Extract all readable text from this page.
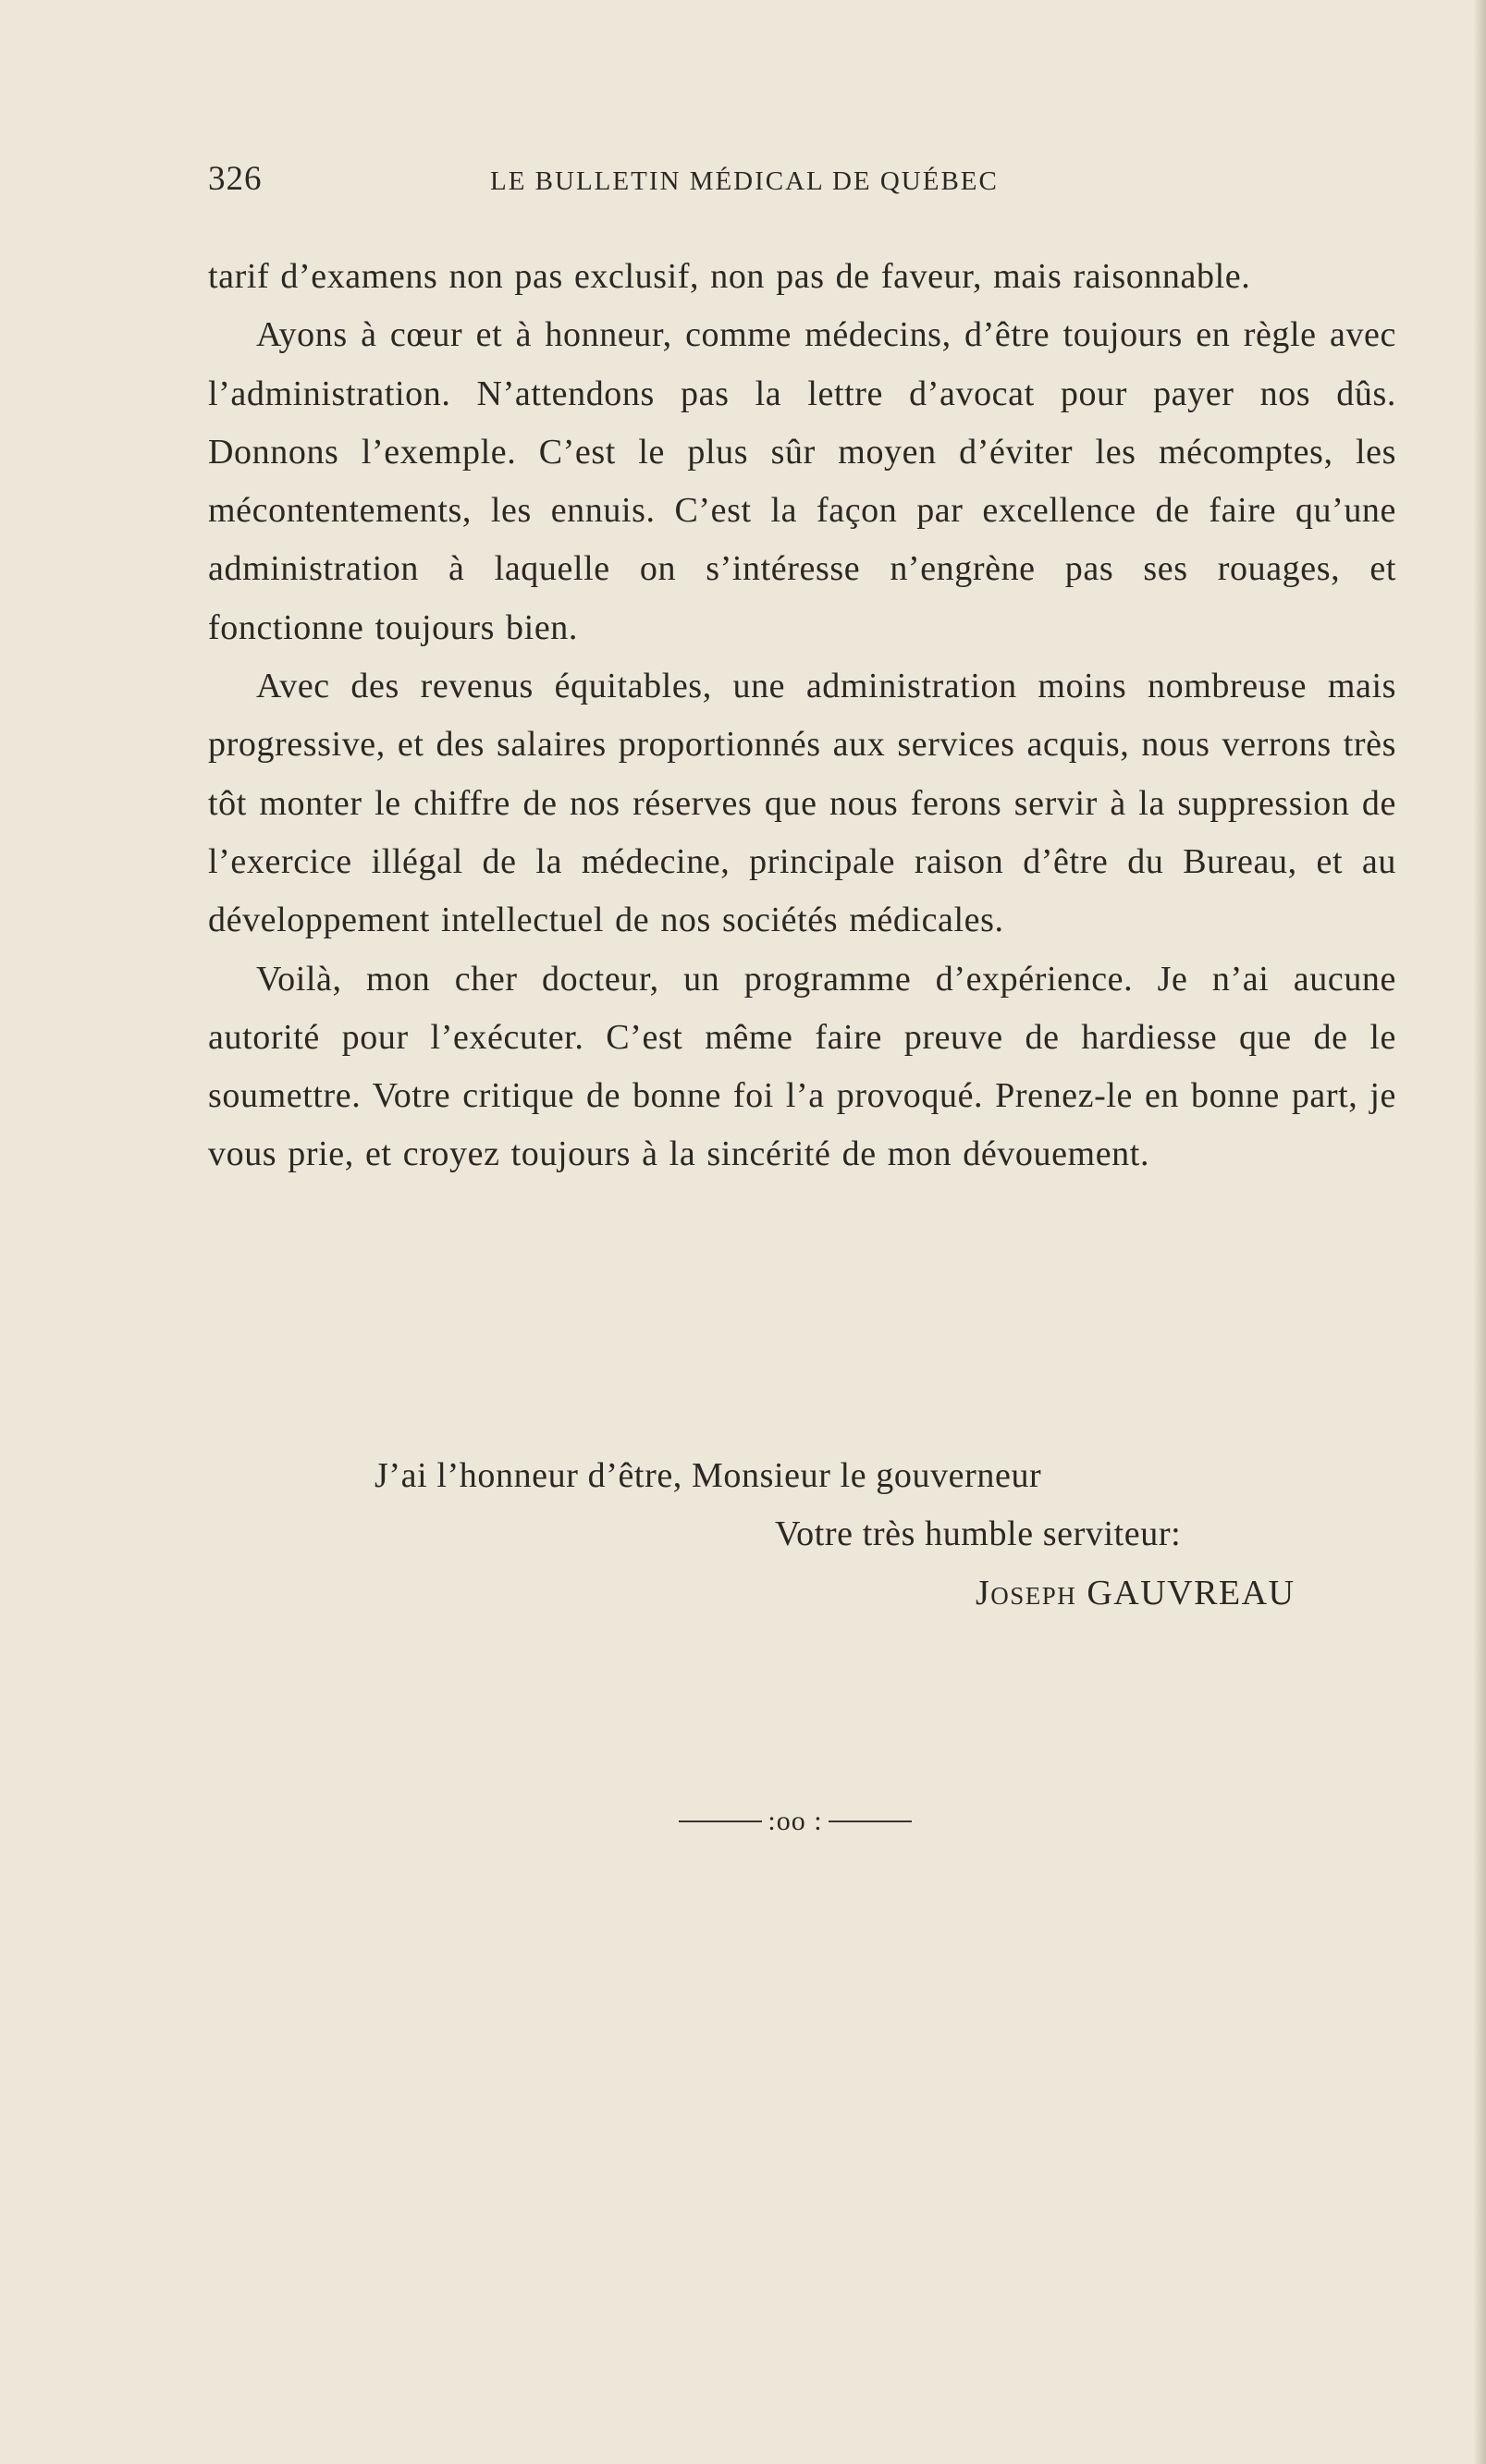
326	LE BULLETIN MÉDICAL DE QUÉBEC

tarif d’examens non pas exclusif, non pas de faveur, mais raisonnable.

Ayons à cœur et à honneur, comme médecins, d’être toujours en règle avec l’administration. N’attendons pas la lettre d’avocat pour payer nos dûs. Donnons l’exemple. C’est le plus sûr moyen d’éviter les mécomptes, les mécontentements, les ennuis. C’est la façon par excellence de faire qu’une administration à laquelle on s’intéresse n’engrène pas ses rouages, et fonctionne toujours bien.

Avec des revenus équitables, une administration moins nombreuse mais progressive, et des salaires proportionnés aux services acquis, nous verrons très tôt monter le chiffre de nos réserves que nous ferons servir à la suppression de l’exercice illégal de la médecine, principale raison d’être du Bureau, et au développement intellectuel de nos sociétés médicales.

Voilà, mon cher docteur, un programme d’expérience. Je n’ai aucune autorité pour l’exécuter. C’est même faire preuve de hardiesse que de le soumettre. Votre critique de bonne foi l’a provoqué. Prenez-le en bonne part, je vous prie, et croyez toujours à la sincérité de mon dévouement.

J’ai l’honneur d’être, Monsieur le gouverneur
Votre très humble serviteur:
Joseph GAUVREAU
:oo :
